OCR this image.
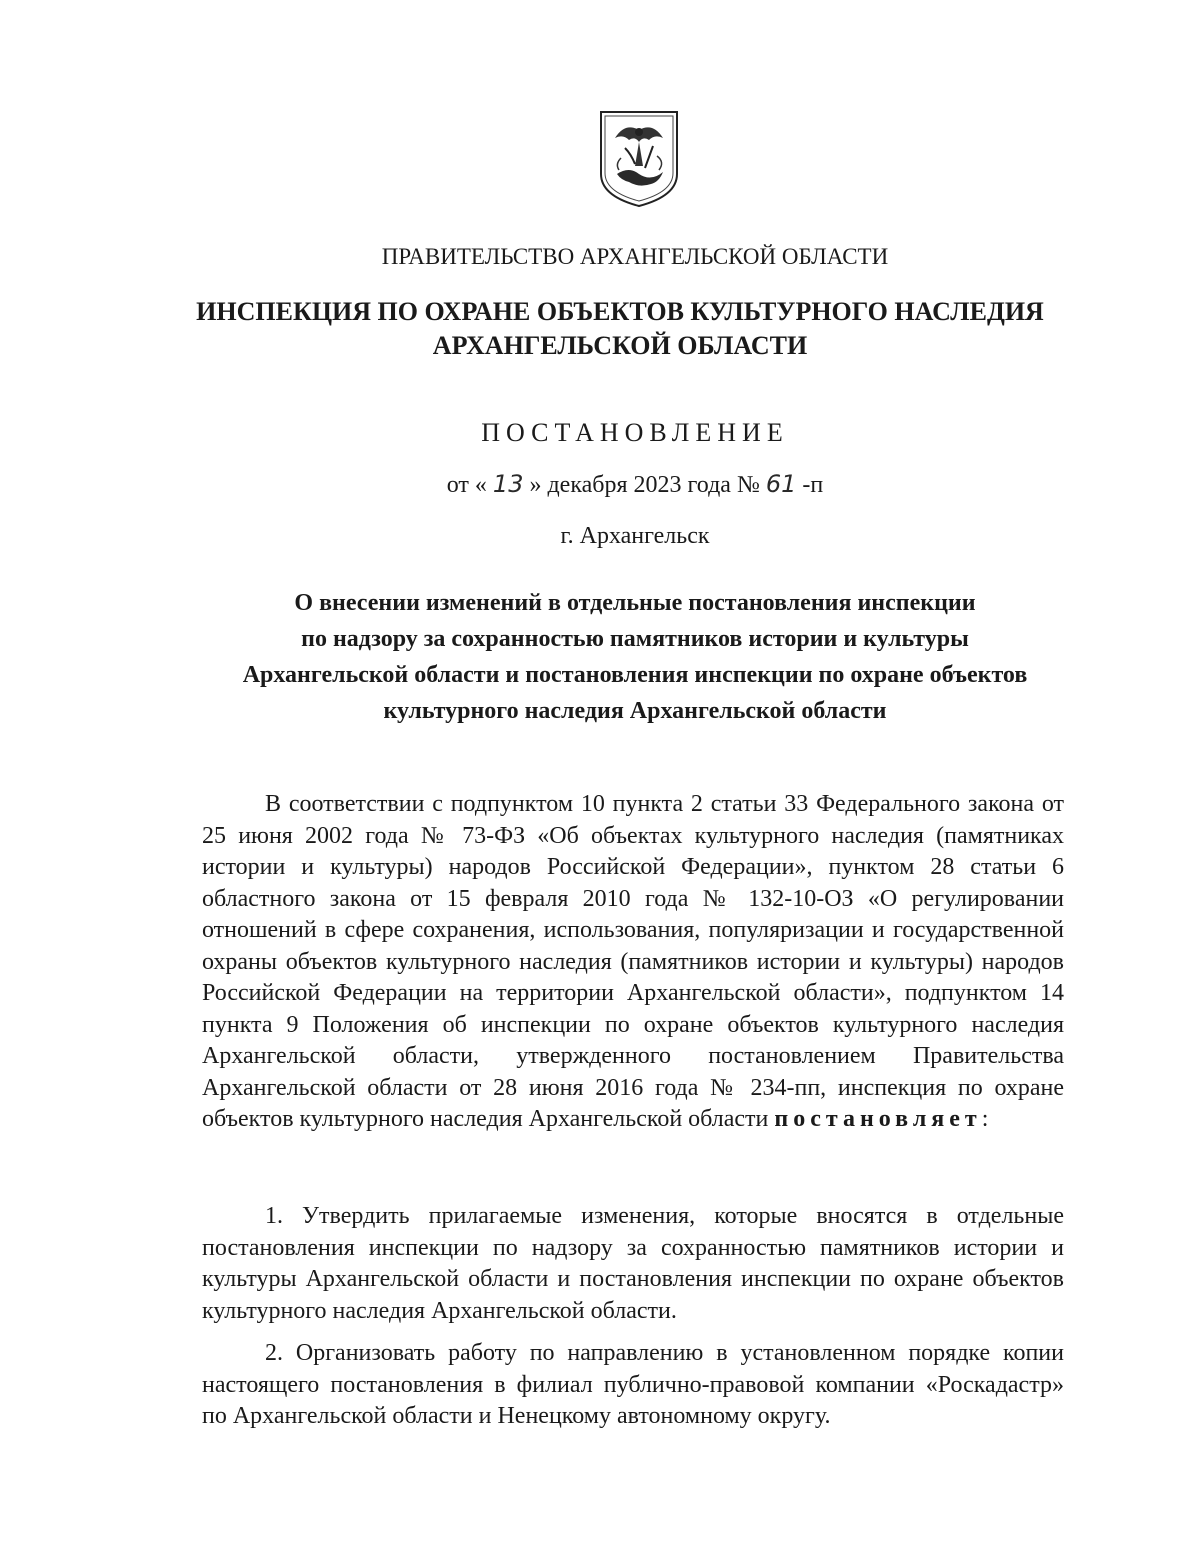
ПРАВИТЕЛЬСТВО АРХАНГЕЛЬСКОЙ ОБЛАСТИ
ИНСПЕКЦИЯ ПО ОХРАНЕ ОБЪЕКТОВ КУЛЬТУРНОГО НАСЛЕДИЯ
АРХАНГЕЛЬСКОЙ ОБЛАСТИ
ПОСТАНОВЛЕНИЕ
от « 13 » декабря 2023 года № 61 -п
г. Архангельск
О внесении изменений в отдельные постановления инспекции
по надзору за сохранностью памятников истории и культуры
Архангельской области и постановления инспекции по охране объектов
культурного наследия Архангельской области
В соответствии с подпунктом 10 пункта 2 статьи 33 Федерального закона от 25 июня 2002 года № 73-ФЗ «Об объектах культурного наследия (памятниках истории и культуры) народов Российской Федерации», пунктом 28 статьи 6 областного закона от 15 февраля 2010 года № 132-10-ОЗ «О регулировании отношений в сфере сохранения, использования, популяризации и государственной охраны объектов культурного наследия (памятников истории и культуры) народов Российской Федерации на территории Архангельской области», подпунктом 14 пункта 9 Положения об инспекции по охране объектов культурного наследия Архангельской области, утвержденного постановлением Правительства Архангельской области от 28 июня 2016 года № 234-пп, инспекция по охране объектов культурного наследия Архангельской области постановляет:
1. Утвердить прилагаемые изменения, которые вносятся в отдельные постановления инспекции по надзору за сохранностью памятников истории и культуры Архангельской области и постановления инспекции по охране объектов культурного наследия Архангельской области.
2. Организовать работу по направлению в установленном порядке копии настоящего постановления в филиал публично-правовой компании «Роскадастр» по Архангельской области и Ненецкому автономному округу.
